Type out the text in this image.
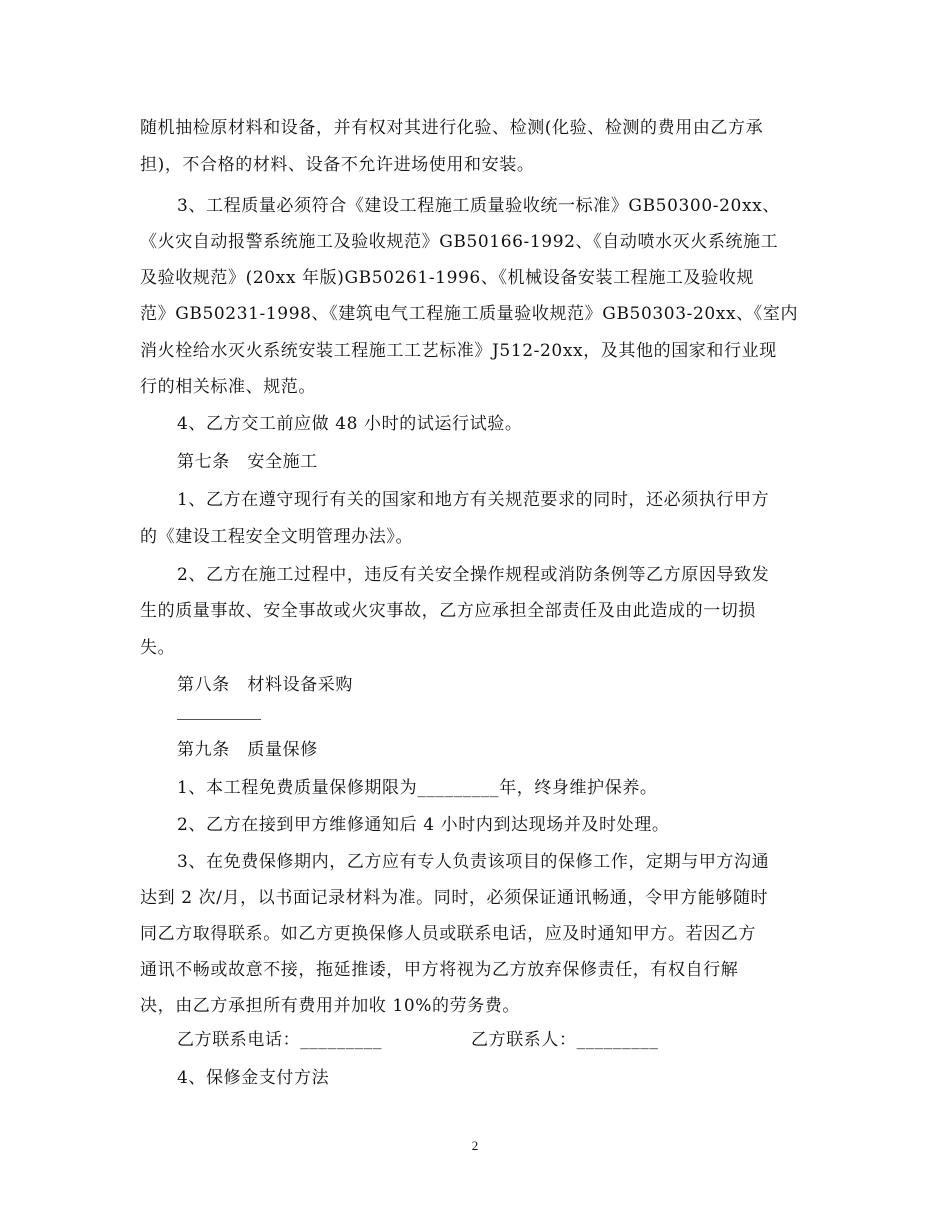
随机抽检原材料和设备，并有权对其进行化验、检测(化验、检测的费用由乙方承
担)，不合格的材料、设备不允许进场使用和安装。
3、工程质量必须符合《建设工程施工质量验收统一标准》GB50300-20xx、
《火灾自动报警系统施工及验收规范》GB50166-1992、《自动喷水灭火系统施工
及验收规范》(20xx 年版)GB50261-1996、《机械设备安装工程施工及验收规
范》GB50231-1998、《建筑电气工程施工质量验收规范》GB50303-20xx、《室内
消火栓给水灭火系统安装工程施工工艺标准》J512-20xx，及其他的国家和行业现
行的相关标准、规范。
4、乙方交工前应做 48 小时的试运行试验。
第七条　安全施工
1、乙方在遵守现行有关的国家和地方有关规范要求的同时，还必须执行甲方
的《建设工程安全文明管理办法》。
2、乙方在施工过程中，违反有关安全操作规程或消防条例等乙方原因导致发
生的质量事故、安全事故或火灾事故，乙方应承担全部责任及由此造成的一切损
失。
第八条　材料设备采购
第九条　质量保修
1、本工程免费质量保修期限为_________年，终身维护保养。
2、乙方在接到甲方维修通知后 4 小时内到达现场并及时处理。
3、在免费保修期内，乙方应有专人负责该项目的保修工作，定期与甲方沟通
达到 2 次/月，以书面记录材料为准。同时，必须保证通讯畅通，令甲方能够随时
同乙方取得联系。如乙方更换保修人员或联系电话，应及时通知甲方。若因乙方
通讯不畅或故意不接，拖延推诿，甲方将视为乙方放弃保修责任，有权自行解
决，由乙方承担所有费用并加收 10%的劳务费。
乙方联系电话：_________	乙方联系人：_________
4、保修金支付方法
2
